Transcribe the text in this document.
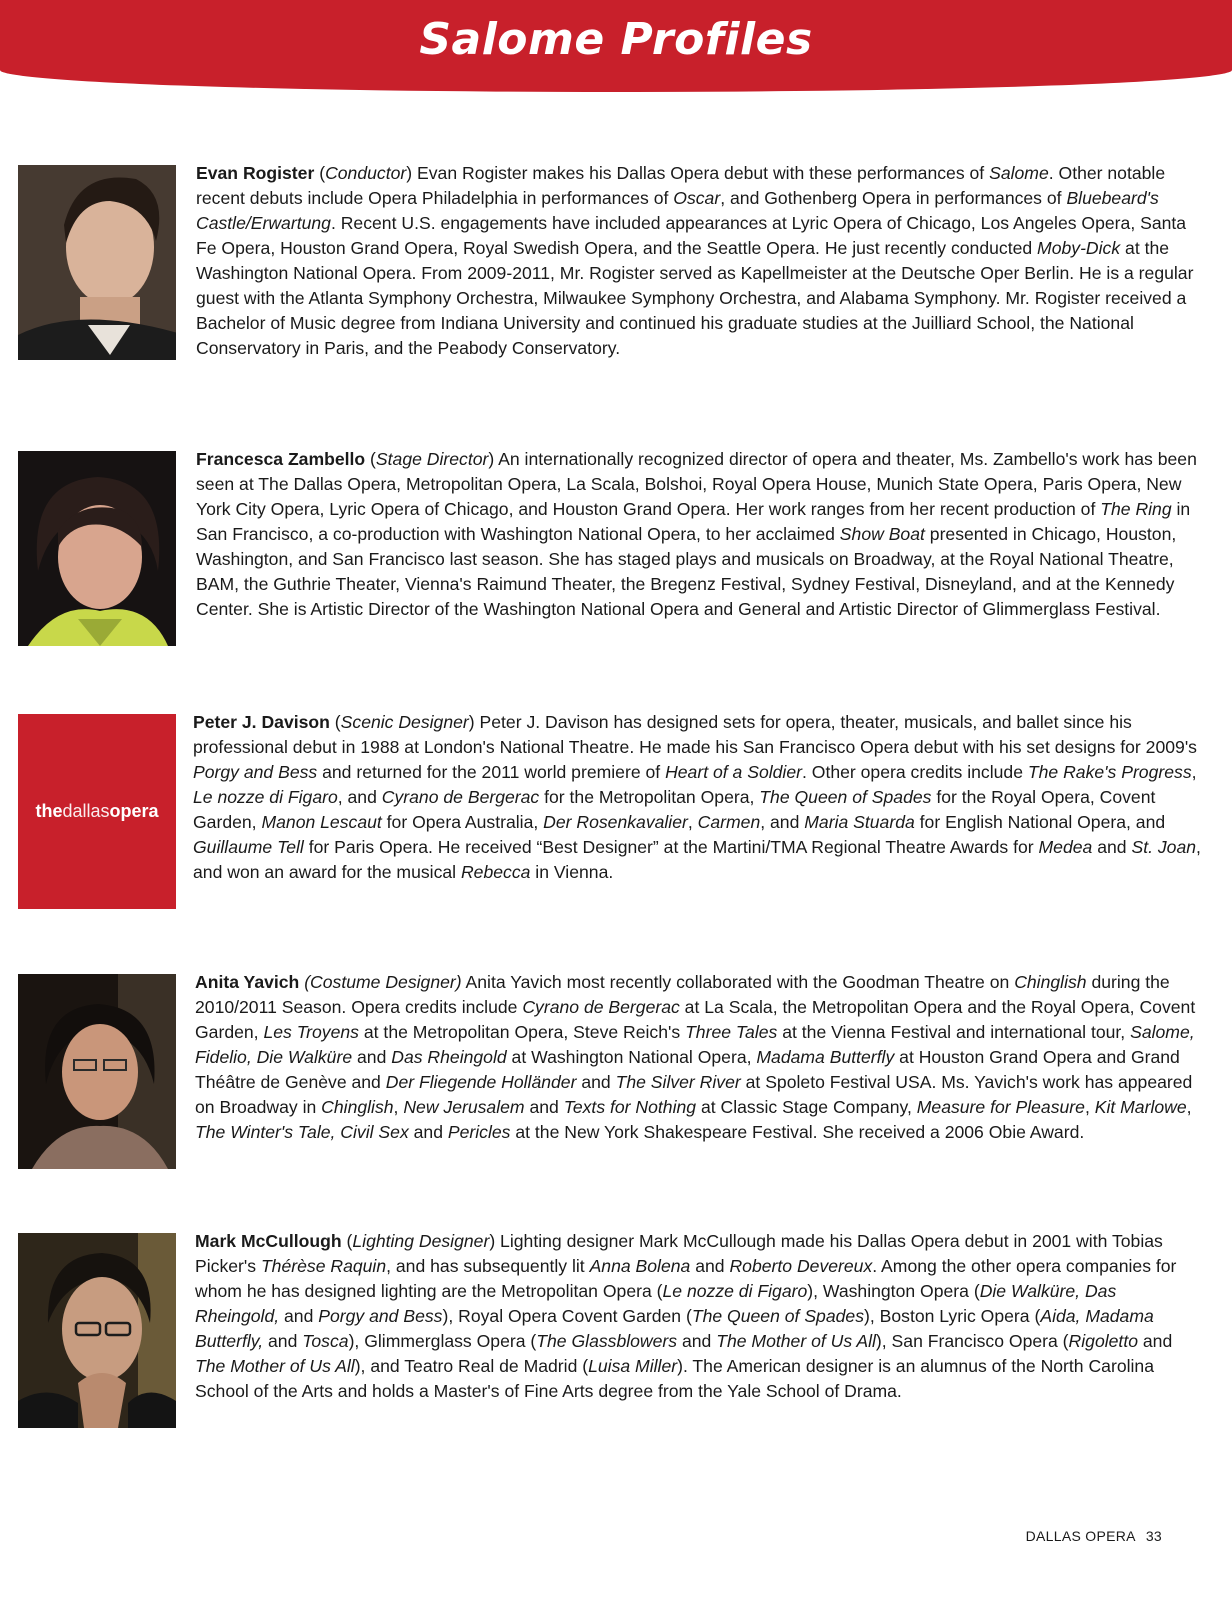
Salome Profiles

Evan Rogister (Conductor) Evan Rogister makes his Dallas Opera debut with these performances of Salome. Other notable recent debuts include Opera Philadelphia in performances of Oscar, and Gothenberg Opera in performances of Bluebeard's Castle/Erwartung. Recent U.S. engagements have included appearances at Lyric Opera of Chicago, Los Angeles Opera, Santa Fe Opera, Houston Grand Opera, Royal Swedish Opera, and the Seattle Opera. He just recently conducted Moby-Dick at the Washington National Opera. From 2009-2011, Mr. Rogister served as Kapellmeister at the Deutsche Oper Berlin. He is a regular guest with the Atlanta Symphony Orchestra, Milwaukee Symphony Orchestra, and Alabama Symphony. Mr. Rogister received a Bachelor of Music degree from Indiana University and continued his graduate studies at the Juilliard School, the National Conservatory in Paris, and the Peabody Conservatory.

Francesca Zambello (Stage Director) An internationally recognized director of opera and theater, Ms. Zambello's work has been seen at The Dallas Opera, Metropolitan Opera, La Scala, Bolshoi, Royal Opera House, Munich State Opera, Paris Opera, New York City Opera, Lyric Opera of Chicago, and Houston Grand Opera. Her work ranges from her recent production of The Ring in San Francisco, a co-production with Washington National Opera, to her acclaimed Show Boat presented in Chicago, Houston, Washington, and San Francisco last season. She has staged plays and musicals on Broadway, at the Royal National Theatre, BAM, the Guthrie Theater, Vienna's Raimund Theater, the Bregenz Festival, Sydney Festival, Disneyland, and at the Kennedy Center. She is Artistic Director of the Washington National Opera and General and Artistic Director of Glimmerglass Festival.

the dallas opera

Peter J. Davison (Scenic Designer) Peter J. Davison has designed sets for opera, theater, musicals, and ballet since his professional debut in 1988 at London's National Theatre. He made his San Francisco Opera debut with his set designs for 2009's Porgy and Bess and returned for the 2011 world premiere of Heart of a Soldier. Other opera credits include The Rake's Progress, Le nozze di Figaro, and Cyrano de Bergerac for the Metropolitan Opera, The Queen of Spades for the Royal Opera, Covent Garden, Manon Lescaut for Opera Australia, Der Rosenkavalier, Carmen, and Maria Stuarda for English National Opera, and Guillaume Tell for Paris Opera. He received “Best Designer” at the Martini/TMA Regional Theatre Awards for Medea and St. Joan, and won an award for the musical Rebecca in Vienna.

Anita Yavich (Costume Designer) Anita Yavich most recently collaborated with the Goodman Theatre on Chinglish during the 2010/2011 Season. Opera credits include Cyrano de Bergerac at La Scala, the Metropolitan Opera and the Royal Opera, Covent Garden, Les Troyens at the Metropolitan Opera, Steve Reich's Three Tales at the Vienna Festival and international tour, Salome, Fidelio, Die Walküre and Das Rheingold at Washington National Opera, Madama Butterfly at Houston Grand Opera and Grand Théâtre de Genève and Der Fliegende Holländer and The Silver River at Spoleto Festival USA. Ms. Yavich's work has appeared on Broadway in Chinglish, New Jerusalem and Texts for Nothing at Classic Stage Company, Measure for Pleasure, Kit Marlowe, The Winter's Tale, Civil Sex and Pericles at the New York Shakespeare Festival. She received a 2006 Obie Award.

Mark McCullough (Lighting Designer) Lighting designer Mark McCullough made his Dallas Opera debut in 2001 with Tobias Picker's Thérèse Raquin, and has subsequently lit Anna Bolena and Roberto Devereux. Among the other opera companies for whom he has designed lighting are the Metropolitan Opera (Le nozze di Figaro), Washington Opera (Die Walküre, Das Rheingold, and Porgy and Bess), Royal Opera Covent Garden (The Queen of Spades), Boston Lyric Opera (Aida, Madama Butterfly, and Tosca), Glimmerglass Opera (The Glassblowers and The Mother of Us All), San Francisco Opera (Rigoletto and The Mother of Us All), and Teatro Real de Madrid (Luisa Miller). The American designer is an alumnus of the North Carolina School of the Arts and holds a Master's of Fine Arts degree from the Yale School of Drama.

DALLAS OPERA 33
